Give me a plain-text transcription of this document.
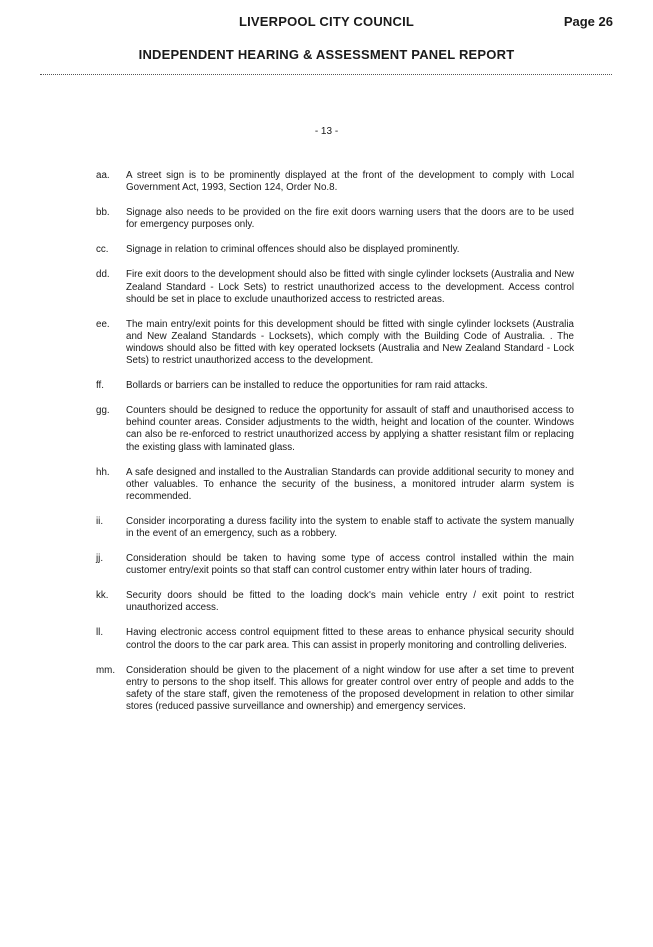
LIVERPOOL CITY COUNCIL	Page 26
INDEPENDENT HEARING & ASSESSMENT PANEL REPORT
- 13 -
aa. A street sign is to be prominently displayed at the front of the development to comply with Local Government Act, 1993, Section 124, Order No.8.
bb. Signage also needs to be provided on the fire exit doors warning users that the doors are to be used for emergency purposes only.
cc. Signage in relation to criminal offences should also be displayed prominently.
dd. Fire exit doors to the development should also be fitted with single cylinder locksets (Australia and New Zealand Standard - Lock Sets) to restrict unauthorized access to the development. Access control should be set in place to exclude unauthorized access to restricted areas.
ee. The main entry/exit points for this development should be fitted with single cylinder locksets (Australia and New Zealand Standards - Locksets), which comply with the Building Code of Australia. . The windows should also be fitted with key operated locksets (Australia and New Zealand Standard - Lock Sets) to restrict unauthorized access to the development.
ff. Bollards or barriers can be installed to reduce the opportunities for ram raid attacks.
gg. Counters should be designed to reduce the opportunity for assault of staff and unauthorised access to behind counter areas. Consider adjustments to the width, height and location of the counter. Windows can also be re-enforced to restrict unauthorized access by applying a shatter resistant film or replacing the existing glass with laminated glass.
hh. A safe designed and installed to the Australian Standards can provide additional security to money and other valuables. To enhance the security of the business, a monitored intruder alarm system is recommended.
ii. Consider incorporating a duress facility into the system to enable staff to activate the system manually in the event of an emergency, such as a robbery.
jj. Consideration should be taken to having some type of access control installed within the main customer entry/exit points so that staff can control customer entry within later hours of trading.
kk. Security doors should be fitted to the loading dock's main vehicle entry / exit point to restrict unauthorized access.
ll. Having electronic access control equipment fitted to these areas to enhance physical security should control the doors to the car park area. This can assist in properly monitoring and controlling deliveries.
mm. Consideration should be given to the placement of a night window for use after a set time to prevent entry to persons to the shop itself. This allows for greater control over entry of people and adds to the safety of the stare staff, given the remoteness of the proposed development in relation to other similar stores (reduced passive surveillance and ownership) and emergency services.
